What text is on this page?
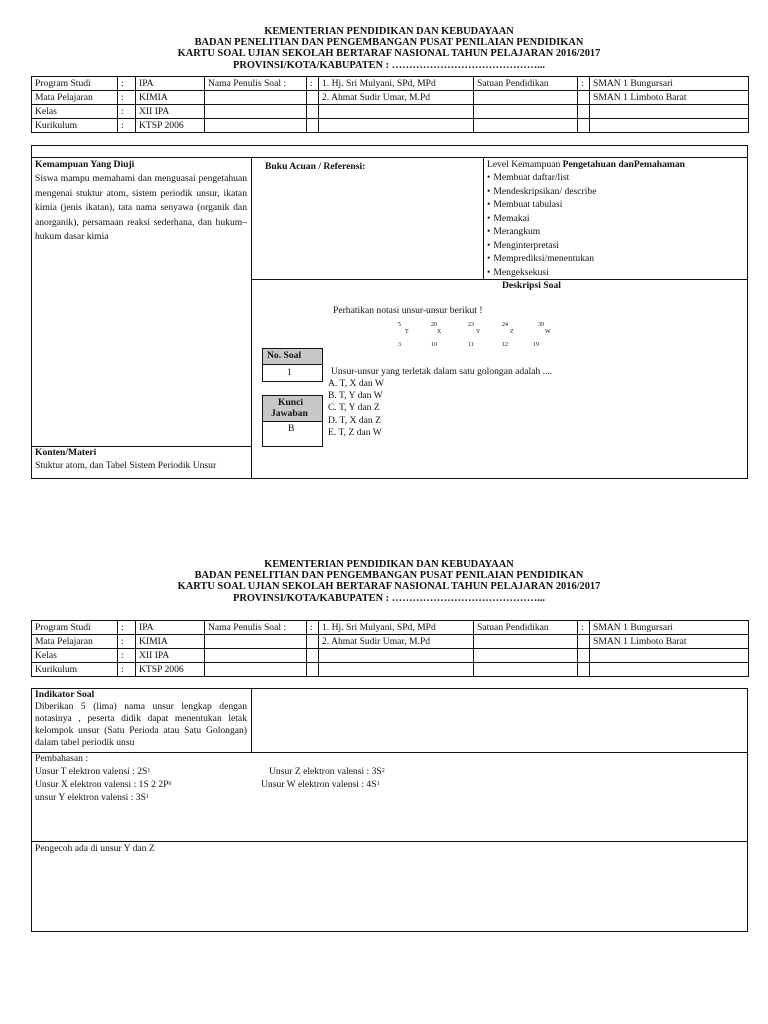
KEMENTERIAN PENDIDIKAN DAN KEBUDAYAAN
BADAN PENELITIAN DAN PENGEMBANGAN PUSAT PENILAIAN PENDIDIKAN
KARTU SOAL UJIAN SEKOLAH BERTARAF NASIONAL TAHUN PELAJARAN 2016/2017
PROVINSI/KOTA/KABUPATEN : ……………………………………...
Program Studi	:	IPA	Nama Penulis Soal :	:	1. Hj. Sri Mulyani, SPd, MPd	Satuan Pendidikan	:	SMAN 1 Bungursari
Mata Pelajaran	:	KIMIA			2. Ahmat Sudir Umar, M.Pd			SMAN 1 Limboto Barat
Kelas	:	XII IPA						
Kurikulum	:	KTSP 2006						
Kemampuan Yang Diuji
Siswa mampu memahami dan menguasai pengetahuan mengenai stuktur atom, sistem periodik unsur, ikatan kimia (jenis ikatan), tata nama senyawa (organik dan anorganik), persamaan reaksi sederhana, dan hukum–hukum dasar kimia
Buku Acuan / Referensi:	Level Kemampuan Pengetahuan danPemahaman
• Membuat daftar/list
• Mendeskripsikan/ describe
• Membuat tabulasi
• Memakai
• Merangkum
• Menginterpretasi
• Memprediksi/menentukan
• Mengeksekusi
Deskripsi Soal
Perhatikan notasi unsur-unsur berikut !
5
T
3
20
X
10
23
Y
11
24
Z
12
39
W
19
No. Soal
1
Kunci
Jawaban
B
Unsur-unsur yang terletak dalam satu golongan adalah ....
A. T, X dan W
B. T, Y dan W
C. T, Y dan Z
D. T, X dan Z
E. T, Z dan W
Konten/Materi
Stuktur atom, dan Tabel Sistem Periodik Unsur
KEMENTERIAN PENDIDIKAN DAN KEBUDAYAAN
BADAN PENELITIAN DAN PENGEMBANGAN PUSAT PENILAIAN PENDIDIKAN
KARTU SOAL UJIAN SEKOLAH BERTARAF NASIONAL TAHUN PELAJARAN 2016/2017
PROVINSI/KOTA/KABUPATEN : ……………………………………...
Program Studi	:	IPA	Nama Penulis Soal :	:	1. Hj. Sri Mulyani, SPd, MPd	Satuan Pendidikan	:	SMAN 1 Bungursari
Mata Pelajaran	:	KIMIA			2. Ahmat Sudir Umar, M.Pd			SMAN 1 Limboto Barat
Kelas	:	XII IPA						
Kurikulum	:	KTSP 2006						
Indikator Soal
Diberikan 5 (lima) nama unsur lengkap dengan notasinya , peserta didik dapat menentukan letak kelompok unsur (Satu Perioda atau Satu Golongan) dalam tabel periodik unsu
Pembahasan :
Unsur T elektron valensi : $2S^1$
Unsur X elektron valensi : 1S 2 $2P^6$
unsur Y elektron valensi : $3S^1$
Unsur Z elektron valensi : $3S^2$
Unsur W elektron valensi : $4S^1$
Pengecoh ada di unsur Y dan Z
